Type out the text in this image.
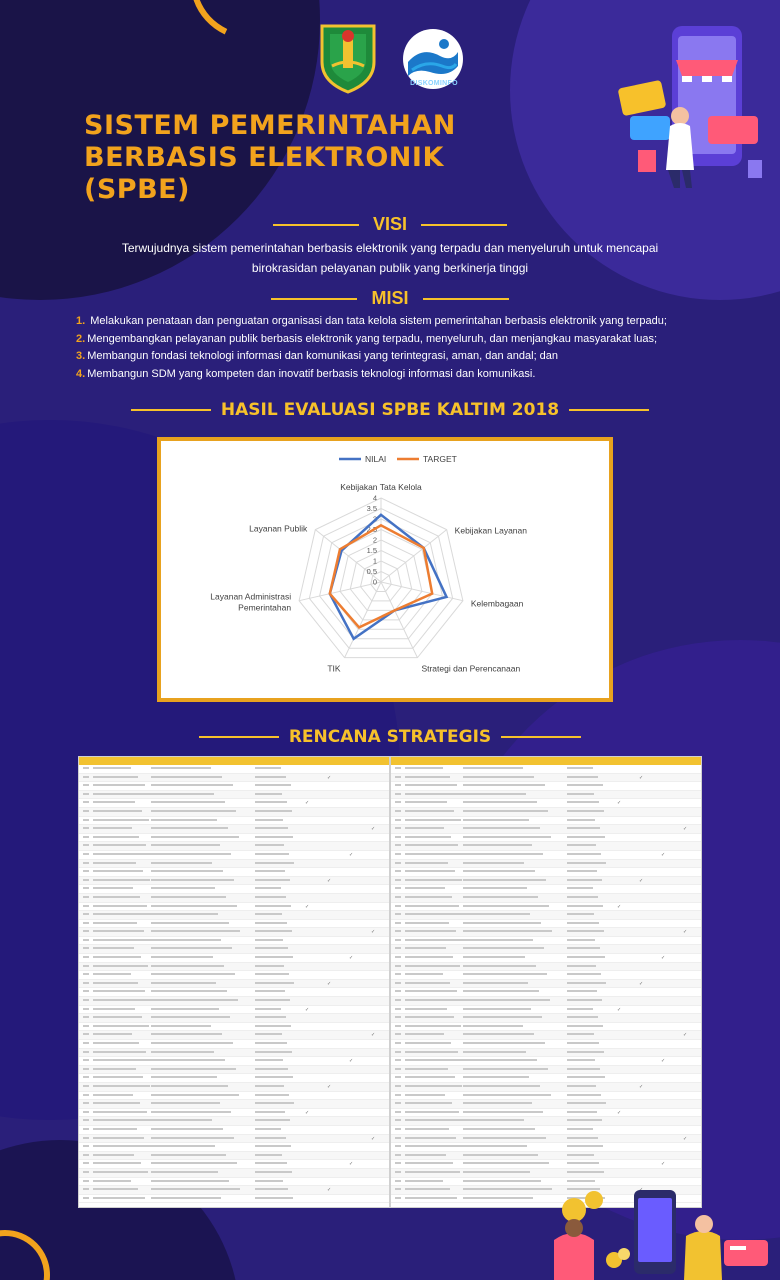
DISKOMINFO
SISTEM PEMERINTAHAN
BERBASIS ELEKTRONIK
(SPBE)
VISI
Terwujudnya sistem pemerintahan berbasis elektronik yang terpadu dan menyeluruh untuk mencapai
birokrasidan pelayanan publik yang berkinerja tinggi
MISI
1. Melakukan penataan dan penguatan organisasi dan tata kelola sistem pemerintahan berbasis elektronik yang terpadu;
2. Mengembangkan pelayanan publik berbasis elektronik yang terpadu, menyeluruh, dan menjangkau masyarakat luas;
3. Membangun fondasi teknologi informasi dan komunikasi yang terintegrasi, aman, dan andal; dan
4. Membangun SDM yang kompeten dan inovatif berbasis teknologi informasi dan komunikasi.
HASIL EVALUASI SPBE KALTIM 2018
0
0.5
1
1.5
2
2.5
3
3.5
4
Kebijakan Tata Kelola
Kebijakan Layanan
Kelembagaan
Strategi dan Perencanaan
TIK
Layanan Administrasi Pemerintahan
Layanan Publik
NILAI	TARGET
RENCANA STRATEGIS
✓
✓
✓
✓
✓
✓
✓
✓
✓
✓
✓
✓
✓
✓
✓
✓
✓
✓
✓
✓
✓
✓
✓
✓
✓
✓
✓
✓
✓
✓
✓
✓
✓
